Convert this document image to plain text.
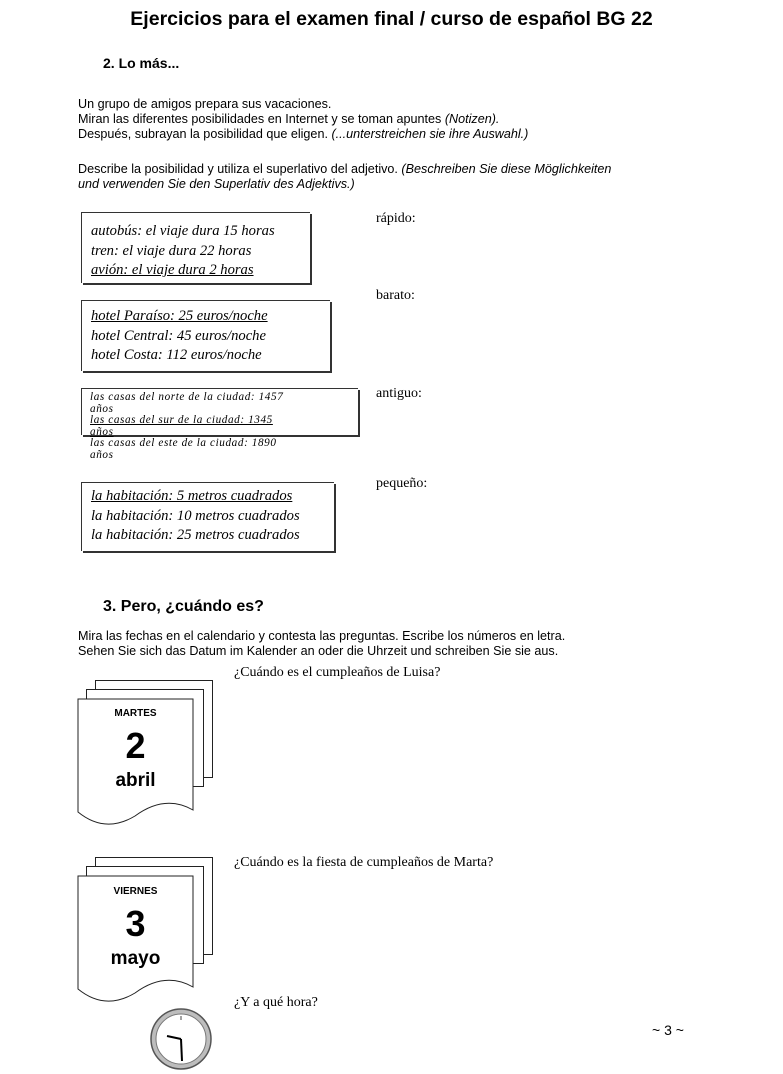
Ejercicios para el examen final / curso de español BG 22
2. Lo más...
Un grupo de amigos prepara sus vacaciones.
Miran las diferentes posibilidades en Internet y se toman apuntes (Notizen).
Después, subrayan la posibilidad que eligen. (...unterstreichen sie ihre Auswahl.)
Describe la posibilidad y utiliza el superlativo del adjetivo. (Beschreiben Sie diese Möglichkeiten
und verwenden Sie den Superlativ des Adjektivs.)
autobús: el viaje dura 15 horas
tren: el viaje dura 22 horas
avión: el viaje dura 2 horas
rápido:
hotel Paraíso: 25 euros/noche
hotel Central: 45 euros/noche
hotel Costa: 112 euros/noche
barato:
las casas del norte de la ciudad: 1457
años
las casas del sur de la ciudad: 1345
años
las casas del este de la ciudad: 1890
años
antiguo:
la habitación: 5 metros cuadrados
la habitación: 10 metros cuadrados
la habitación: 25 metros cuadrados
pequeño:
3. Pero, ¿cuándo es?
Mira las fechas en el calendario y contesta las preguntas. Escribe los números en letra.
Sehen Sie sich das Datum im Kalender an oder die Uhrzeit und schreiben Sie sie aus.
MARTES
2
abril
¿Cuándo es el cumpleaños de Luisa?
VIERNES
3
mayo
¿Cuándo es la fiesta de cumpleaños de Marta?
¿Y a qué hora?
~ 3 ~
